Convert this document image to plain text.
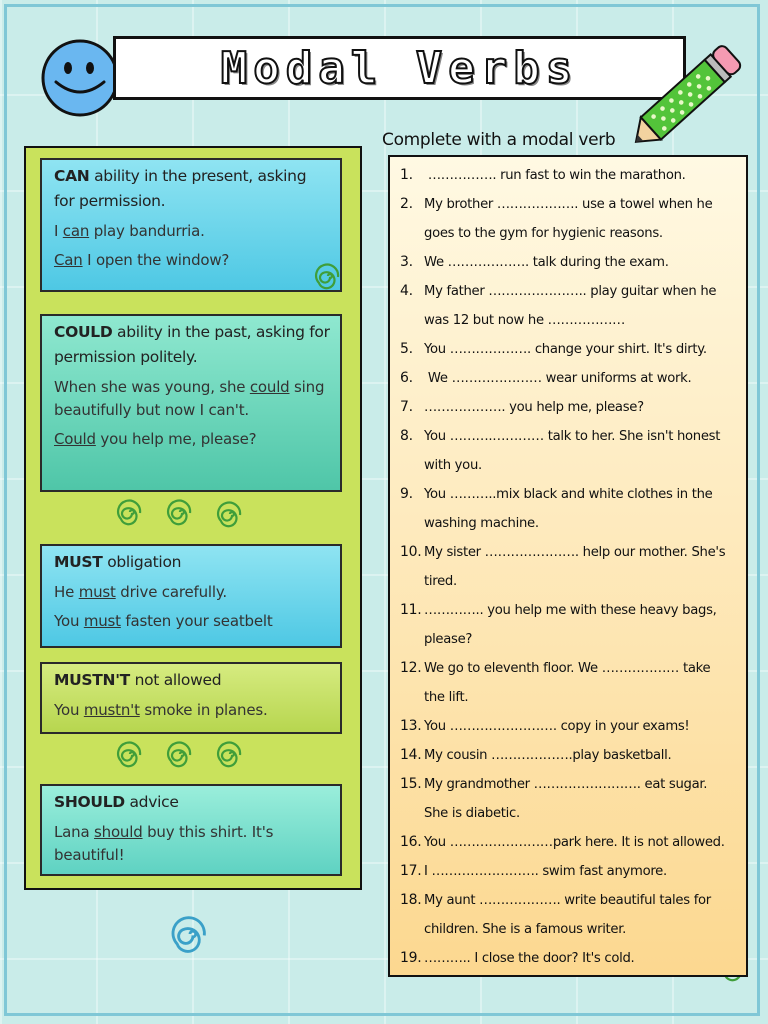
Modal Verbs
CAN ability in the present, asking for permission.
I can play bandurria.
Can I open the window?
COULD ability in the past, asking for permission politely.
When she was young, she could sing beautifully but now I can't.
Could you help me, please?
MUST obligation
He must drive carefully.
You must fasten your seatbelt
MUSTN'T not allowed
You mustn't smoke in planes.
SHOULD advice
Lana should buy this shirt. It's beautiful!
Complete with a modal verb
1. ……………. run fast to win the marathon.
2. My brother ………………. use a towel when he
goes to the gym for hygienic reasons.
3. We ………………. talk during the exam.
4. My father ………………….. play guitar when he
was 12 but now he ………………
5. You ………………. change your shirt. It's dirty.
6. We ………………… wear uniforms at work.
7. ………………. you help me, please?
8. You ……….………… talk to her. She isn't honest
with you.
9. You ………..mix black and white clothes in the
washing machine.
10. My sister …………………. help our mother. She's
tired.
11. ………….. you help me with these heavy bags,
please?
12. We go to eleventh floor. We ……………… take
the lift.
13. You ……………………. copy in your exams!
14. My cousin ……………….play basketball.
15. My grandmother ……………………. eat sugar.
She is diabetic.
16. You ……………………park here. It is not allowed.
17. I ……………………. swim fast anymore.
18. My aunt ………………. write beautiful tales for
children. She is a famous writer.
19. ……….. I close the door? It's cold.
